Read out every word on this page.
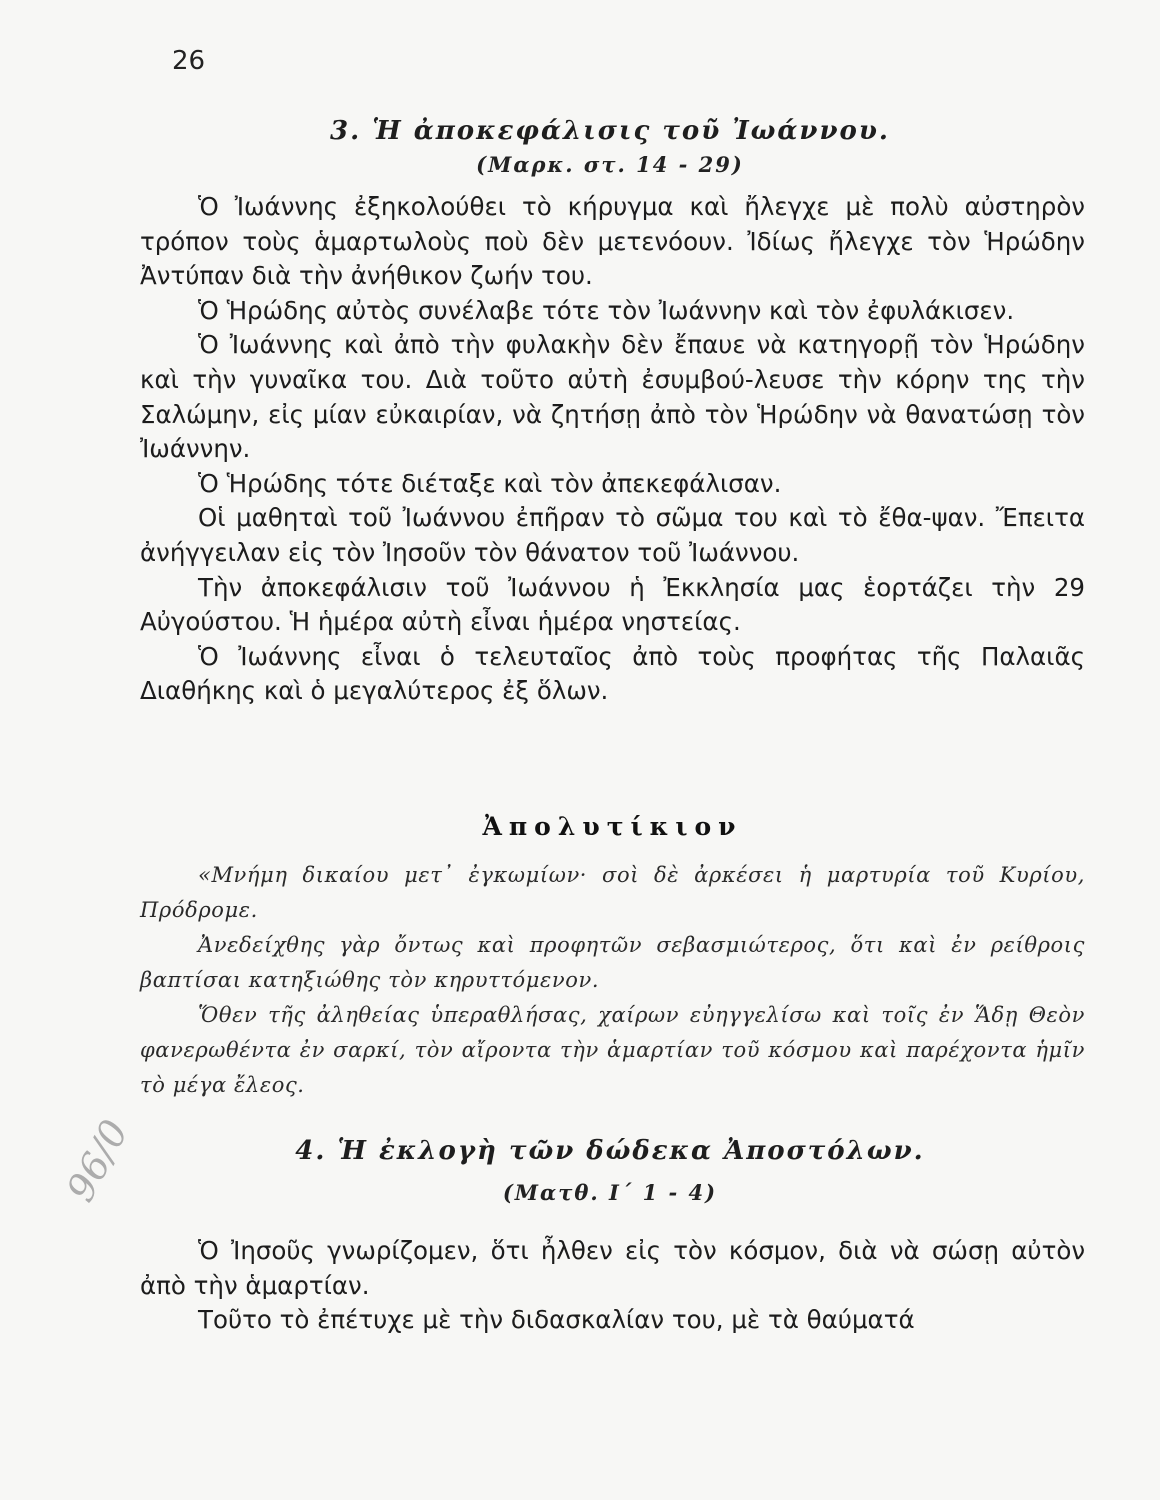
26
3. Ἡ ἀποκεφάλισις τοῦ Ἰωάννου.
(Μαρκ. στ. 14 - 29)

Ὁ Ἰωάννης ἐξηκολούθει τὸ κήρυγμα καὶ ἤλεγχε μὲ πολὺ αὐστηρὸν τρόπον τοὺς ἁμαρτωλοὺς ποὺ δὲν μετενόουν. Ἰδίως ἤλεγχε τὸν Ἡρώδην Ἀντύπαν διὰ τὴν ἀνήθικον ζωήν του.

Ὁ Ἡρώδης αὐτὸς συνέλαβε τότε τὸν Ἰωάννην καὶ τὸν ἐφυλάκισεν.

Ὁ Ἰωάννης καὶ ἀπὸ τὴν φυλακὴν δὲν ἔπαυε νὰ κατηγορῇ τὸν Ἡρώδην καὶ τὴν γυναῖκα του. Διὰ τοῦτο αὐτὴ ἐσυμβού-λευσε τὴν κόρην της τὴν Σαλώμην, εἰς μίαν εὐκαιρίαν, νὰ ζητήσῃ ἀπὸ τὸν Ἡρώδην νὰ θανατώσῃ τὸν Ἰωάννην.

Ὁ Ἡρώδης τότε διέταξε καὶ τὸν ἀπεκεφάλισαν.

Οἱ μαθηταὶ τοῦ Ἰωάννου ἐπῆραν τὸ σῶμα του καὶ τὸ ἔθα-ψαν. Ἔπειτα ἀνήγγειλαν εἰς τὸν Ἰησοῦν τὸν θάνατον τοῦ Ἰωάννου.

Τὴν ἀποκεφάλισιν τοῦ Ἰωάννου ἡ Ἐκκλησία μας ἑορτάζει τὴν 29 Αὐγούστου. Ἡ ἡμέρα αὐτὴ εἶναι ἡμέρα νηστείας.

Ὁ Ἰωάννης εἶναι ὁ τελευταῖος ἀπὸ τοὺς προφήτας τῆς Παλαιᾶς Διαθήκης καὶ ὁ μεγαλύτερος ἐξ ὅλων.

Ἀπολυτίκιον

«Μνήμη δικαίου μετ᾽ ἐγκωμίων· σοὶ δὲ ἀρκέσει ἡ μαρτυρία τοῦ Κυρίου, Πρόδρομε.

Ἀνεδείχθης γὰρ ὄντως καὶ προφητῶν σεβασμιώτερος, ὅτι καὶ ἐν ρείθροις βαπτίσαι κατηξιώθης τὸν κηρυττόμενον.

Ὅθεν τῆς ἀληθείας ὑπεραθλήσας, χαίρων εὐηγγελίσω καὶ τοῖς ἐν Ἅδῃ Θεὸν φανερωθέντα ἐν σαρκί, τὸν αἴροντα τὴν ἁμαρτίαν τοῦ κόσμου καὶ παρέχοντα ἡμῖν τὸ μέγα ἔλεος.

4. Ἡ ἐκλογὴ τῶν δώδεκα Ἀποστόλων.
(Ματθ. Ι΄ 1 - 4)

Ὁ Ἰησοῦς γνωρίζομεν, ὅτι ἦλθεν εἰς τὸν κόσμον, διὰ νὰ σώσῃ αὐτὸν ἀπὸ τὴν ἁμαρτίαν.

Τοῦτο τὸ ἐπέτυχε μὲ τὴν διδασκαλίαν του, μὲ τὰ θαύματά

96/0
